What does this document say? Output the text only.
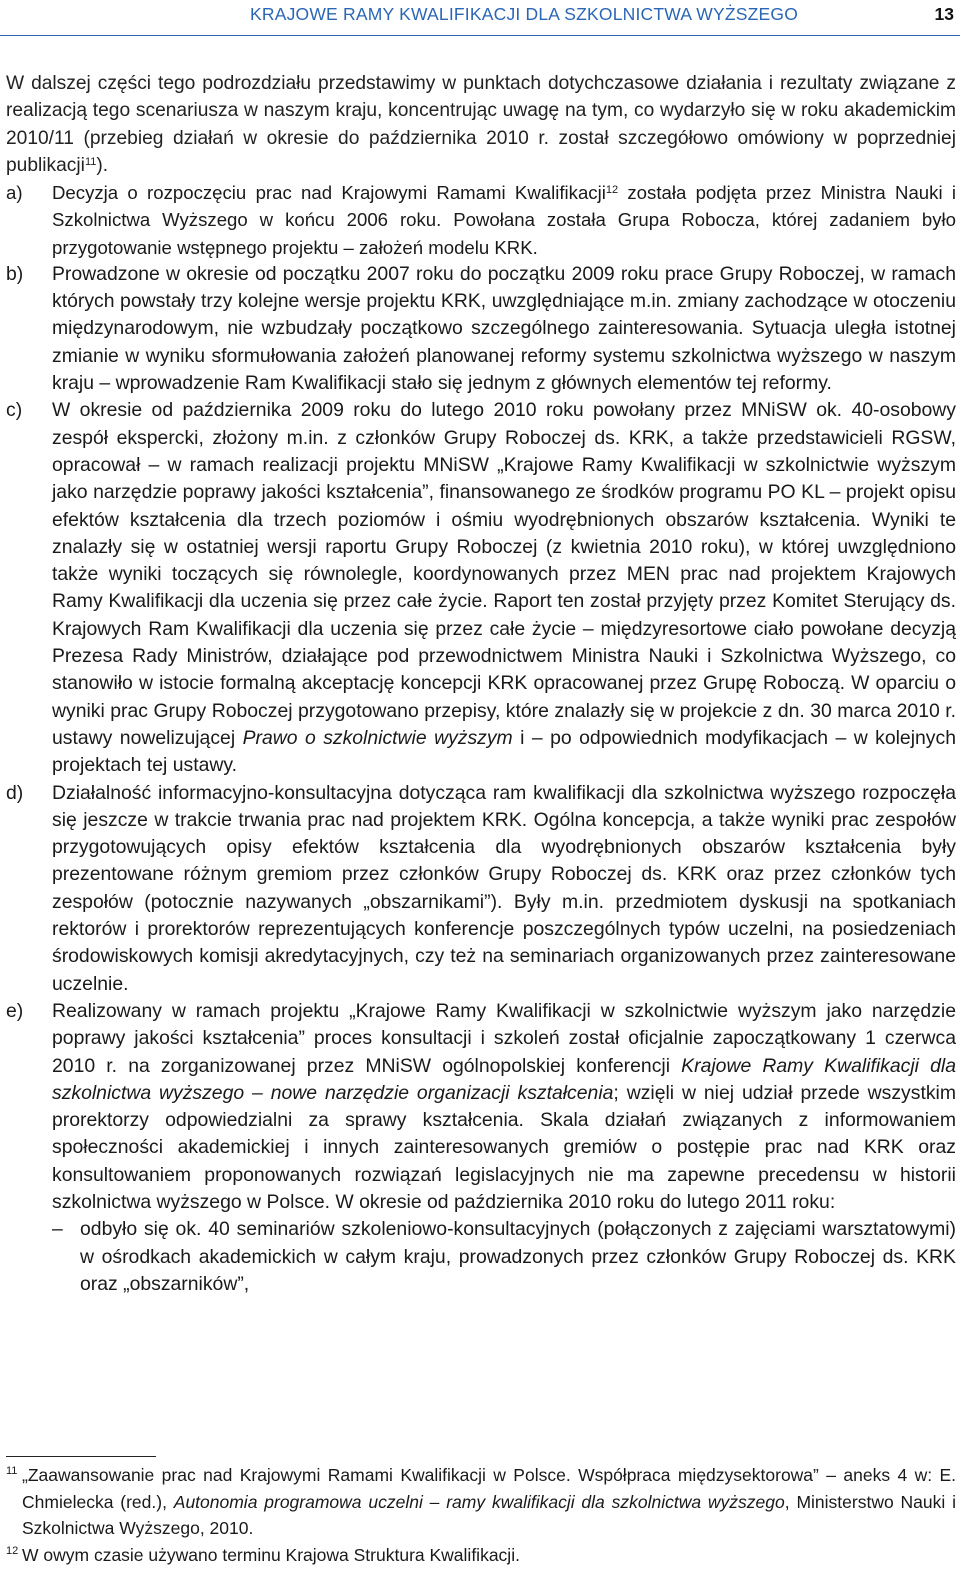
KRAJOWE RAMY KWALIFIKACJI DLA SZKOLNICTWA WYŻSZEGO	13
W dalszej części tego podrozdziału przedstawimy w punktach dotychczasowe działania i rezultaty związane z realizacją tego scenariusza w naszym kraju, koncentrując uwagę na tym, co wydarzyło się w roku akademickim 2010/11 (przebieg działań w okresie do października 2010 r. został szczegółowo omówiony w poprzedniej publikacji$^{11}$).
a)	Decyzja o rozpoczęciu prac nad Krajowymi Ramami Kwalifikacji$^{12}$ została podjęta przez Ministra Nauki i Szkolnictwa Wyższego w końcu 2006 roku. Powołana została Grupa Robocza, której zadaniem było przygotowanie wstępnego projektu – założeń modelu KRK.
b)	Prowadzone w okresie od początku 2007 roku do początku 2009 roku prace Grupy Roboczej, w ramach których powstały trzy kolejne wersje projektu KRK, uwzględniające m.in. zmiany zachodzące w otoczeniu międzynarodowym, nie wzbudzały początkowo szczególnego zainteresowania. Sytuacja uległa istotnej zmianie w wyniku sformułowania założeń planowanej reformy systemu szkolnictwa wyższego w naszym kraju – wprowadzenie Ram Kwalifikacji stało się jednym z głównych elementów tej reformy.
c)	W okresie od października 2009 roku do lutego 2010 roku powołany przez MNiSW ok. 40-osobowy zespół ekspercki, złożony m.in. z członków Grupy Roboczej ds. KRK, a także przedstawicieli RGSW, opracował – w ramach realizacji projektu MNiSW „Krajowe Ramy Kwalifikacji w szkolnictwie wyższym jako narzędzie poprawy jakości kształcenia”, finansowanego ze środków programu PO KL – projekt opisu efektów kształcenia dla trzech poziomów i ośmiu wyodrębnionych obszarów kształcenia. Wyniki te znalazły się w ostatniej wersji raportu Grupy Roboczej (z kwietnia 2010 roku), w której uwzględniono także wyniki toczących się równolegle, koordynowanych przez MEN prac nad projektem Krajowych Ramy Kwalifikacji dla uczenia się przez całe życie. Raport ten został przyjęty przez Komitet Sterujący ds. Krajowych Ram Kwalifikacji dla uczenia się przez całe życie – międzyresortowe ciało powołane decyzją Prezesa Rady Ministrów, działające pod przewodnictwem Ministra Nauki i Szkolnictwa Wyższego, co stanowiło w istocie formalną akceptację koncepcji KRK opracowanej przez Grupę Roboczą. W oparciu o wyniki prac Grupy Roboczej przygotowano przepisy, które znalazły się w projekcie z dn. 30 marca 2010 r. ustawy nowelizującej Prawo o szkolnictwie wyższym i – po odpowiednich modyfikacjach – w kolejnych projektach tej ustawy.
d)	Działalność informacyjno-konsultacyjna dotycząca ram kwalifikacji dla szkolnictwa wyższego rozpoczęła się jeszcze w trakcie trwania prac nad projektem KRK. Ogólna koncepcja, a także wyniki prac zespołów przygotowujących opisy efektów kształcenia dla wyodrębnionych obszarów kształcenia były prezentowane różnym gremiom przez członków Grupy Roboczej ds. KRK oraz przez członków tych zespołów (potocznie nazywanych „obszarnikami”). Były m.in. przedmiotem dyskusji na spotkaniach rektorów i prorektorów reprezentujących konferencje poszczególnych typów uczelni, na posiedzeniach środowiskowych komisji akredytacyjnych, czy też na seminariach organizowanych przez zainteresowane uczelnie.
e)	Realizowany w ramach projektu „Krajowe Ramy Kwalifikacji w szkolnictwie wyższym jako narzędzie poprawy jakości kształcenia” proces konsultacji i szkoleń został oficjalnie zapoczątkowany 1 czerwca 2010 r. na zorganizowanej przez MNiSW ogólnopolskiej konferencji Krajowe Ramy Kwalifikacji dla szkolnictwa wyższego – nowe narzędzie organizacji kształcenia; wzięli w niej udział przede wszystkim prorektorzy odpowiedzialni za sprawy kształcenia. Skala działań związanych z informowaniem społeczności akademickiej i innych zainteresowanych gremiów o postępie prac nad KRK oraz konsultowaniem proponowanych rozwiązań legislacyjnych nie ma zapewne precedensu w historii szkolnictwa wyższego w Polsce. W okresie od października 2010 roku do lutego 2011 roku:
– odbyło się ok. 40 seminariów szkoleniowo-konsultacyjnych (połączonych z zajęciami warsztatowymi) w ośrodkach akademickich w całym kraju, prowadzonych przez członków Grupy Roboczej ds. KRK oraz „obszarników”,
11 „Zaawansowanie prac nad Krajowymi Ramami Kwalifikacji w Polsce. Współpraca międzysektorowa” – aneks 4 w: E. Chmielecka (red.), Autonomia programowa uczelni – ramy kwalifikacji dla szkolnictwa wyższego, Ministerstwo Nauki i Szkolnictwa Wyższego, 2010.
12 W owym czasie używano terminu Krajowa Struktura Kwalifikacji.
